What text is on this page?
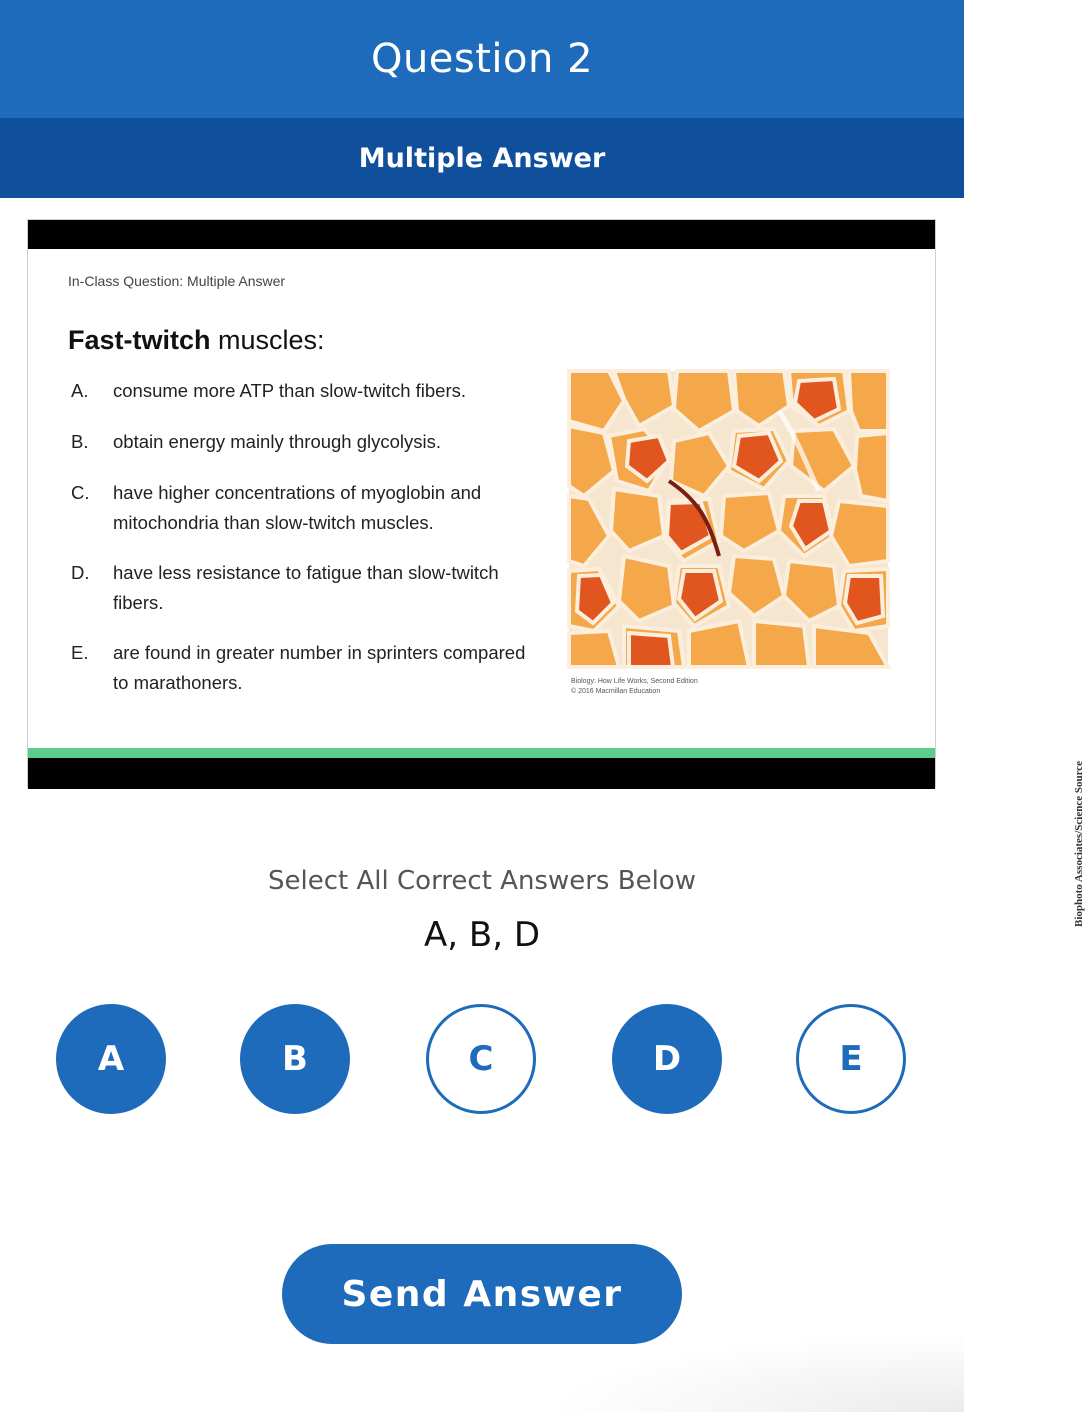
Question 2
Multiple Answer
In-Class Question: Multiple Answer
Fast-twitch muscles:
A. consume more ATP than slow-twitch fibers.
B. obtain energy mainly through glycolysis.
C. have higher concentrations of myoglobin and mitochondria than slow-twitch muscles.
D. have less resistance to fatigue than slow-twitch fibers.
E. are found in greater number in sprinters compared to marathoners.
Biophoto Associates/Science Source
Biology: How Life Works, Second Edition
© 2016 Macmillan Education
Select All Correct Answers Below
A, B, D
A	B	C	D	E
Send Answer
